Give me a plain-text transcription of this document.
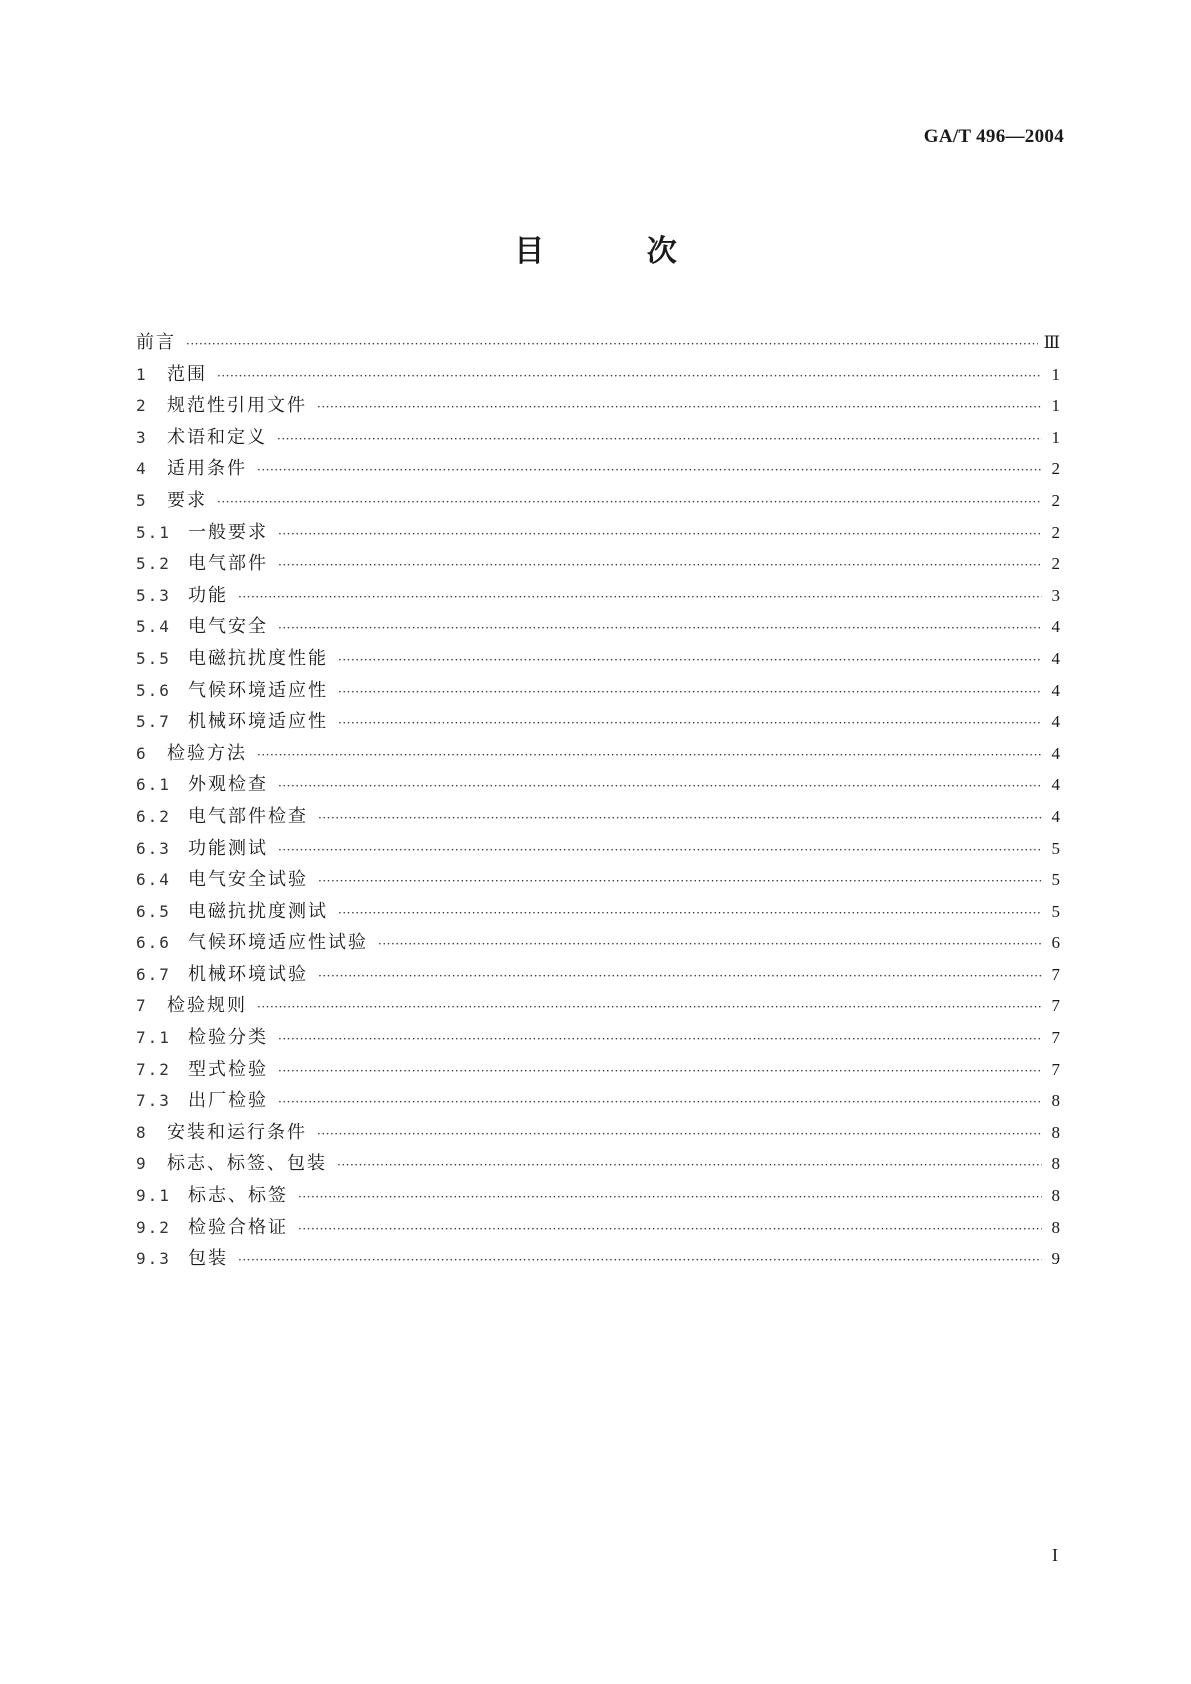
GA/T 496—2004
目 次
前言 ·····	Ⅲ
1	范围 ·····	1
2	规范性引用文件 ·····	1
3	术语和定义 ·····	1
4	适用条件 ·····	2
5	要求 ·····	2
5.1 一般要求 ·····	2
5.2 电气部件 ·····	2
5.3 功能 ·····	3
5.4 电气安全 ·····	4
5.5 电磁抗扰度性能 ·····	4
5.6 气候环境适应性 ·····	4
5.7 机械环境适应性 ·····	4
6	检验方法 ·····	4
6.1 外观检查 ·····	4
6.2 电气部件检查 ·····	4
6.3 功能测试 ·····	5
6.4 电气安全试验 ·····	5
6.5 电磁抗扰度测试 ·····	5
6.6 气候环境适应性试验 ·····	6
6.7 机械环境试验 ·····	7
7	检验规则 ·····	7
7.1 检验分类 ·····	7
7.2 型式检验 ·····	7
7.3 出厂检验 ·····	8
8	安装和运行条件 ·····	8
9	标志、标签、包装 ·····	8
9.1 标志、标签 ·····	8
9.2 检验合格证 ·····	8
9.3 包装 ·····	9
I
